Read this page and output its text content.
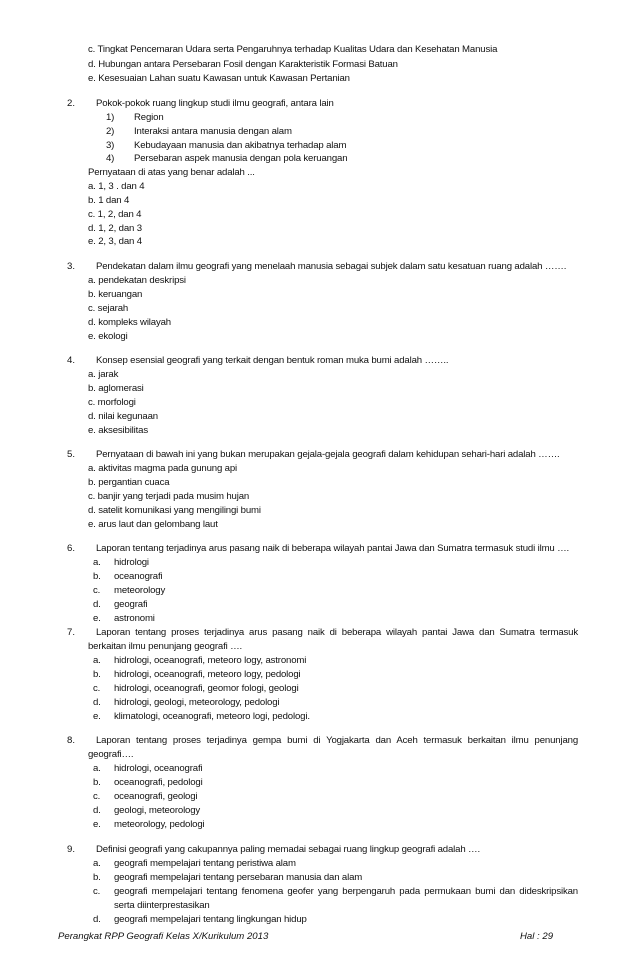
c. Tingkat Pencemaran Udara serta Pengaruhnya terhadap Kualitas Udara dan Kesehatan Manusia
d. Hubungan antara Persebaran Fosil dengan Karakteristik Formasi Batuan
e. Kesesuaian Lahan suatu Kawasan untuk Kawasan Pertanian
2. Pokok-pokok ruang lingkup studi ilmu geografi, antara lain
1) Region
2) Interaksi antara manusia dengan alam
3) Kebudayaan manusia dan akibatnya terhadap alam
4) Persebaran aspek manusia dengan pola keruangan
Pernyataan di atas yang benar adalah ...
a. 1, 3 . dan 4
b. 1 dan 4
c. 1, 2, dan 4
d. 1, 2, dan 3
e. 2, 3, dan 4
3. Pendekatan dalam ilmu geografi yang menelaah manusia sebagai subjek dalam satu kesatuan ruang adalah …….
a. pendekatan deskripsi
b. keruangan
c. sejarah
d. kompleks wilayah
e. ekologi
4. Konsep esensial geografi yang terkait dengan bentuk roman muka bumi adalah ……..
a. jarak
b. aglomerasi
c. morfologi
d. nilai kegunaan
e. aksesibilitas
5. Pernyataan di bawah ini yang bukan merupakan gejala-gejala geografi dalam kehidupan sehari-hari adalah …….
a. aktivitas magma pada gunung api
b. pergantian cuaca
c. banjir yang terjadi pada musim hujan
d. satelit komunikasi yang mengilingi bumi
e. arus laut dan gelombang laut
6. Laporan tentang terjadinya arus pasang naik di beberapa wilayah pantai Jawa dan Sumatra termasuk studi ilmu ….
a. hidrologi
b. oceanografi
c. meteorology
d. geografi
e. astronomi
7. Laporan tentang proses terjadinya arus pasang naik di beberapa wilayah pantai Jawa dan Sumatra termasuk
berkaitan ilmu penunjang geografi ….
a. hidrologi, oceanografi, meteoro logy, astronomi
b. hidrologi, oceanografi, meteoro logy, pedologi
c. hidrologi, oceanografi, geomor fologi, geologi
d. hidrologi, geologi, meteorology, pedologi
e. klimatologi, oceanografi, meteoro logi, pedologi.
8. Laporan tentang proses terjadinya gempa bumi di Yogjakarta dan Aceh termasuk berkaitan ilmu penunjang
geografi….
a. hidrologi, oceanografi
b. oceanografi, pedologi
c. oceanografi, geologi
d. geologi, meteorology
e. meteorology, pedologi
9. Definisi geografi yang cakupannya paling memadai sebagai ruang lingkup geografi adalah ….
a. geografi mempelajari tentang peristiwa alam
b. geografi mempelajari tentang persebaran manusia dan alam
c. geografi mempelajari tentang fenomena geofer yang berpengaruh pada permukaan bumi dan dideskripsikan
serta diinterprestasikan
d. geografi mempelajari tentang lingkungan hidup
Perangkat RPP Geografi Kelas X/Kurikulum 2013	Hal : 29
